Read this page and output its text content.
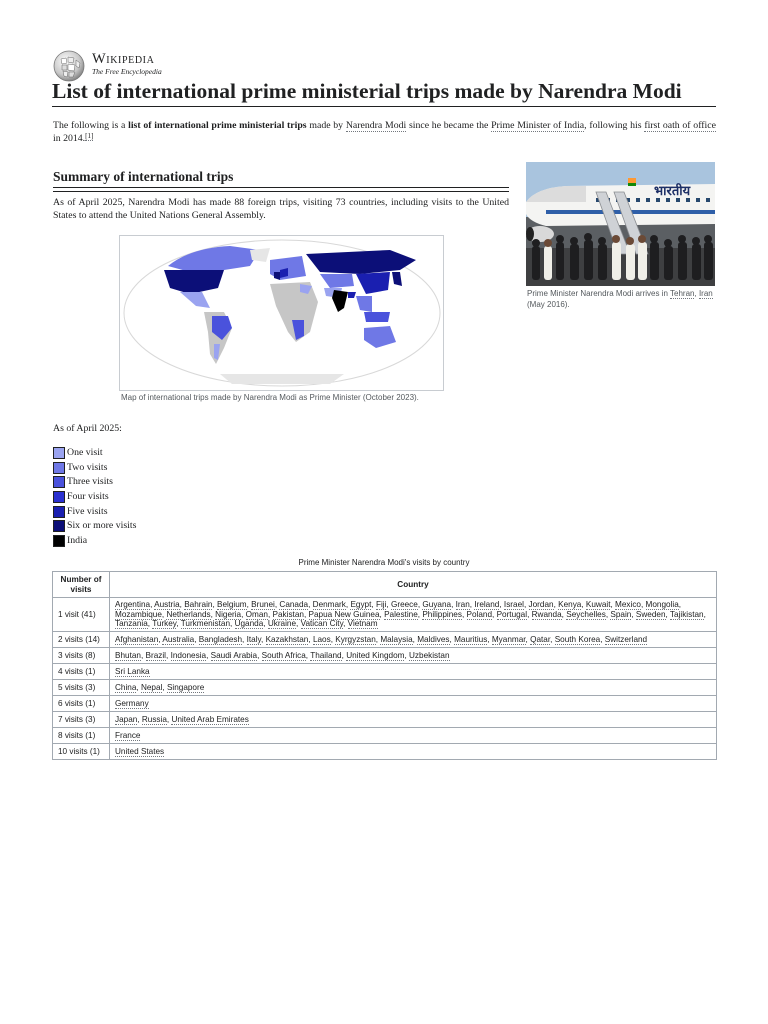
Wikipedia
The Free Encyclopedia
List of international prime ministerial trips made by Narendra Modi

The following is a list of international prime ministerial trips made by Narendra Modi since he became the Prime Minister of India, following his first oath of office in 2014.[1]

Summary of international trips

As of April 2025, Narendra Modi has made 88 foreign trips, visiting 73 countries, including visits to the United States to attend the United Nations General Assembly.

भारतीय
Prime Minister Narendra Modi arrives in Tehran, Iran (May 2016).
Map of international trips made by Narendra Modi as Prime Minister (October 2023).
As of April 2025:
One visit
Two visits
Three visits
Four visits
Five visits
Six or more visits
India
Prime Minister Narendra Modi's visits by country
Number of visits	Country
1 visit (41)	Argentina, Austria, Bahrain, Belgium, Brunei, Canada, Denmark, Egypt, Fiji, Greece, Guyana, Iran, Ireland, Israel, Jordan, Kenya, Kuwait, Mexico, Mongolia, Mozambique, Netherlands, Nigeria, Oman, Pakistan, Papua New Guinea, Palestine, Philippines, Poland, Portugal, Rwanda, Seychelles, Spain, Sweden, Tajikistan, Tanzania, Turkey, Turkmenistan, Uganda, Ukraine, Vatican City, Vietnam
2 visits (14)	Afghanistan, Australia, Bangladesh, Italy, Kazakhstan, Laos, Kyrgyzstan, Malaysia, Maldives, Mauritius, Myanmar, Qatar, South Korea, Switzerland
3 visits (8)	Bhutan, Brazil, Indonesia, Saudi Arabia, South Africa, Thailand, United Kingdom, Uzbekistan
4 visits (1)	Sri Lanka
5 visits (3)	China, Nepal, Singapore
6 visits (1)	Germany
7 visits (3)	Japan, Russia, United Arab Emirates
8 visits (1)	France
10 visits (1)	United States
